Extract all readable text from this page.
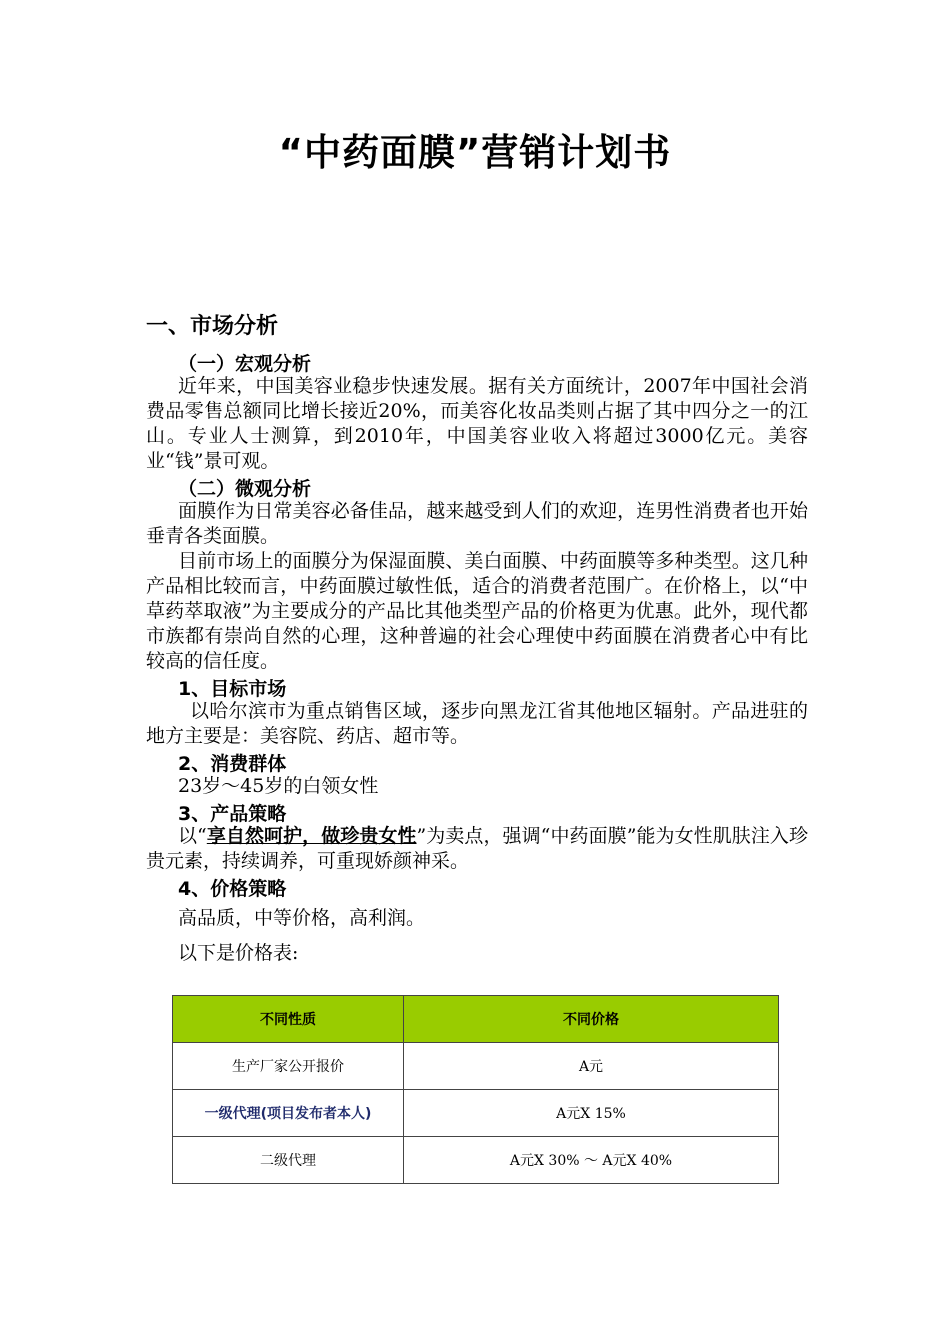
“中药面膜”营销计划书
一、市场分析
（一）宏观分析

近年来，中国美容业稳步快速发展。据有关方面统计，2007年中国社会消费品零售总额同比增长接近20%，而美容化妆品类则占据了其中四分之一的江山。专业人士测算，到2010年，中国美容业收入将超过3000亿元。美容业“钱”景可观。

（二）微观分析

面膜作为日常美容必备佳品，越来越受到人们的欢迎，连男性消费者也开始垂青各类面膜。

目前市场上的面膜分为保湿面膜、美白面膜、中药面膜等多种类型。这几种产品相比较而言，中药面膜过敏性低，适合的消费者范围广。在价格上，以“中草药萃取液”为主要成分的产品比其他类型产品的价格更为优惠。此外，现代都市族都有崇尚自然的心理，这种普遍的社会心理使中药面膜在消费者心中有比较高的信任度。

1、目标市场

以哈尔滨市为重点销售区域，逐步向黑龙江省其他地区辐射。产品进驻的地方主要是：美容院、药店、超市等。

2、消费群体
23岁～45岁的白领女性
3、产品策略

以“享自然呵护，做珍贵女性”为卖点，强调“中药面膜”能为女性肌肤注入珍贵元素，持续调养，可重现娇颜神采。

4、价格策略
高品质，中等价格，高利润。
以下是价格表:
不同性质	不同价格
生产厂家公开报价	A元
一级代理(项目发布者本人)	A元X 15%
二级代理	A元X 30% ～ A元X 40%
